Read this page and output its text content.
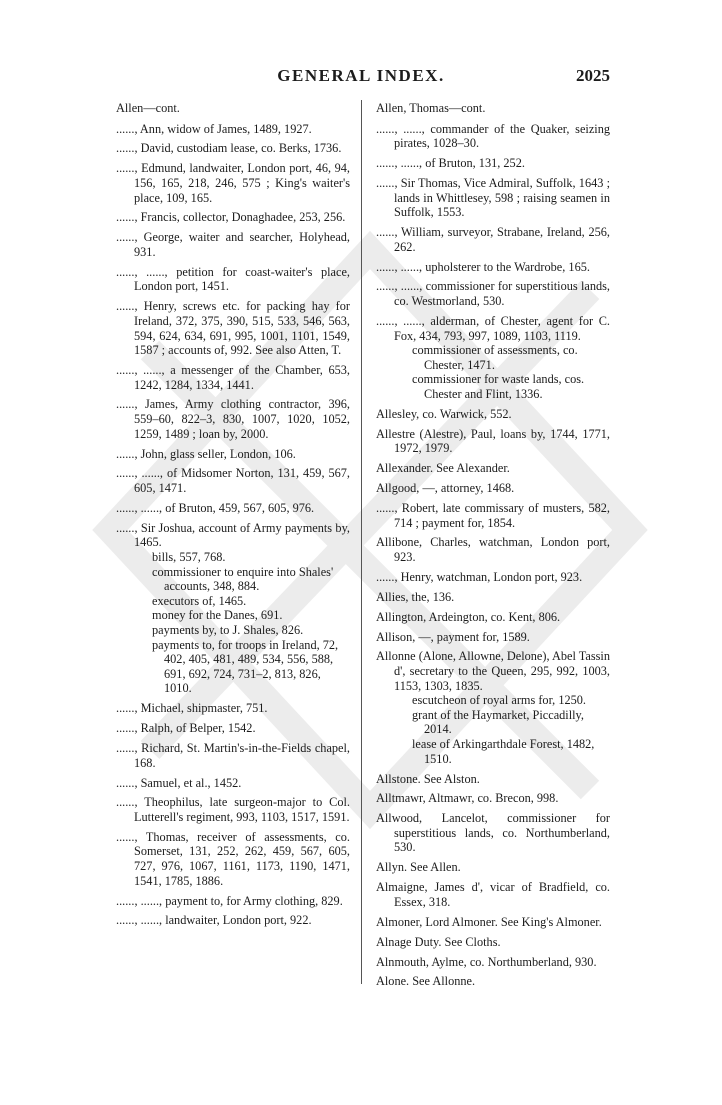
GENERAL INDEX.	2025
Allen—cont.
......, Ann, widow of James, 1489, 1927.
......, David, custodiam lease, co. Berks, 1736.
......, Edmund, landwaiter, London port, 46, 94, 156, 165, 218, 246, 575 ; King's waiter's place, 109, 165.
......, Francis, collector, Donaghadee, 253, 256.
......, George, waiter and searcher, Holyhead, 931.
......, ......, petition for coast-waiter's place, London port, 1451.
......, Henry, screws etc. for packing hay for Ireland, 372, 375, 390, 515, 533, 546, 563, 594, 624, 634, 691, 995, 1001, 1101, 1549, 1587 ; accounts of, 992. See also Atten, T.
......, ......, a messenger of the Chamber, 653, 1242, 1284, 1334, 1441.
......, James, Army clothing contractor, 396, 559–60, 822–3, 830, 1007, 1020, 1052, 1259, 1489 ; loan by, 2000.
......, John, glass seller, London, 106.
......, ......, of Midsomer Norton, 131, 459, 567, 605, 1471.
......, ......, of Bruton, 459, 567, 605, 976.
......, Sir Joshua, account of Army payments by, 1465.
bills, 557, 768.
commissioner to enquire into Shales' accounts, 348, 884.
executors of, 1465.
money for the Danes, 691.
payments by, to J. Shales, 826.
payments to, for troops in Ireland, 72, 402, 405, 481, 489, 534, 556, 588, 691, 692, 724, 731–2, 813, 826, 1010.
......, Michael, shipmaster, 751.
......, Ralph, of Belper, 1542.
......, Richard, St. Martin's-in-the-Fields chapel, 168.
......, Samuel, et al., 1452.
......, Theophilus, late surgeon-major to Col. Lutterell's regiment, 993, 1103, 1517, 1591.
......, Thomas, receiver of assessments, co. Somerset, 131, 252, 262, 459, 567, 605, 727, 976, 1067, 1161, 1173, 1190, 1471, 1541, 1785, 1886.
......, ......, payment to, for Army clothing, 829.
......, ......, landwaiter, London port, 922.
Allen, Thomas—cont.
......, ......, commander of the Quaker, seizing pirates, 1028–30.
......, ......, of Bruton, 131, 252.
......, Sir Thomas, Vice Admiral, Suffolk, 1643 ; lands in Whittlesey, 598 ; raising seamen in Suffolk, 1553.
......, William, surveyor, Strabane, Ireland, 256, 262.
......, ......, upholsterer to the Wardrobe, 165.
......, ......, commissioner for superstitious lands, co. Westmorland, 530.
......, ......, alderman, of Chester, agent for C. Fox, 434, 793, 997, 1089, 1103, 1119.
commissioner of assessments, co. Chester, 1471.
commissioner for waste lands, cos. Chester and Flint, 1336.
Allesley, co. Warwick, 552.
Allestre (Alestre), Paul, loans by, 1744, 1771, 1972, 1979.
Allexander. See Alexander.
Allgood, —, attorney, 1468.
......, Robert, late commissary of musters, 582, 714 ; payment for, 1854.
Allibone, Charles, watchman, London port, 923.
......, Henry, watchman, London port, 923.
Allies, the, 136.
Allington, Ardeington, co. Kent, 806.
Allison, —, payment for, 1589.
Allonne (Alone, Allowne, Delone), Abel Tassin d', secretary to the Queen, 295, 992, 1003, 1153, 1303, 1835.
escutcheon of royal arms for, 1250.
grant of the Haymarket, Piccadilly, 2014.
lease of Arkingarthdale Forest, 1482, 1510.
Allstone. See Alston.
Alltmawr, Altmawr, co. Brecon, 998.
Allwood, Lancelot, commissioner for superstitious lands, co. Northumberland, 530.
Allyn. See Allen.
Almaigne, James d', vicar of Bradfield, co. Essex, 318.
Almoner, Lord Almoner. See King's Almoner.
Alnage Duty. See Cloths.
Alnmouth, Aylme, co. Northumberland, 930.
Alone. See Allonne.
